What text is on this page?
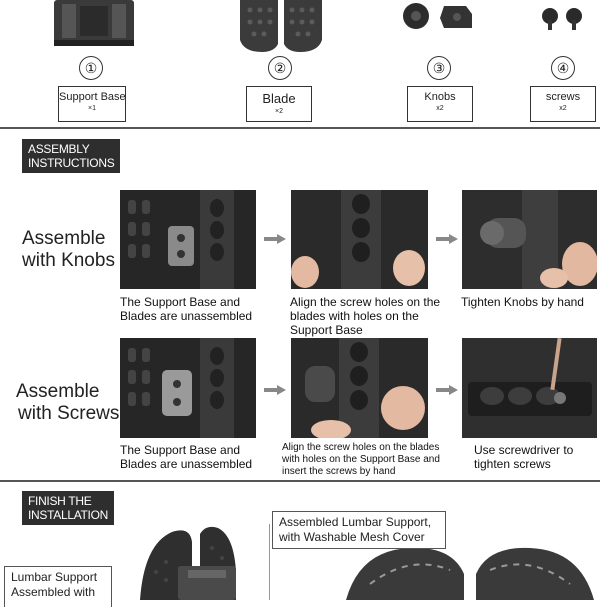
①	②	③	④
Support Base
×1
Blade
×2
Knobs
x2
screws
x2
ASSEMBLY
INSTRUCTIONS
Assemble
with Knobs
The Support Base and Blades are unassembled
Align the screw holes on the blades with holes on the Support Base
Tighten Knobs by hand
Assemble
with Screws
The Support Base and Blades are unassembled
Align the screw holes on the blades with holes on the Support Base and insert the screws by hand
Use screwdriver to tighten screws
FINISH THE
INSTALLATION	Assembled Lumbar Support, with Washable Mesh Cover
Lumbar Support Assembled with
